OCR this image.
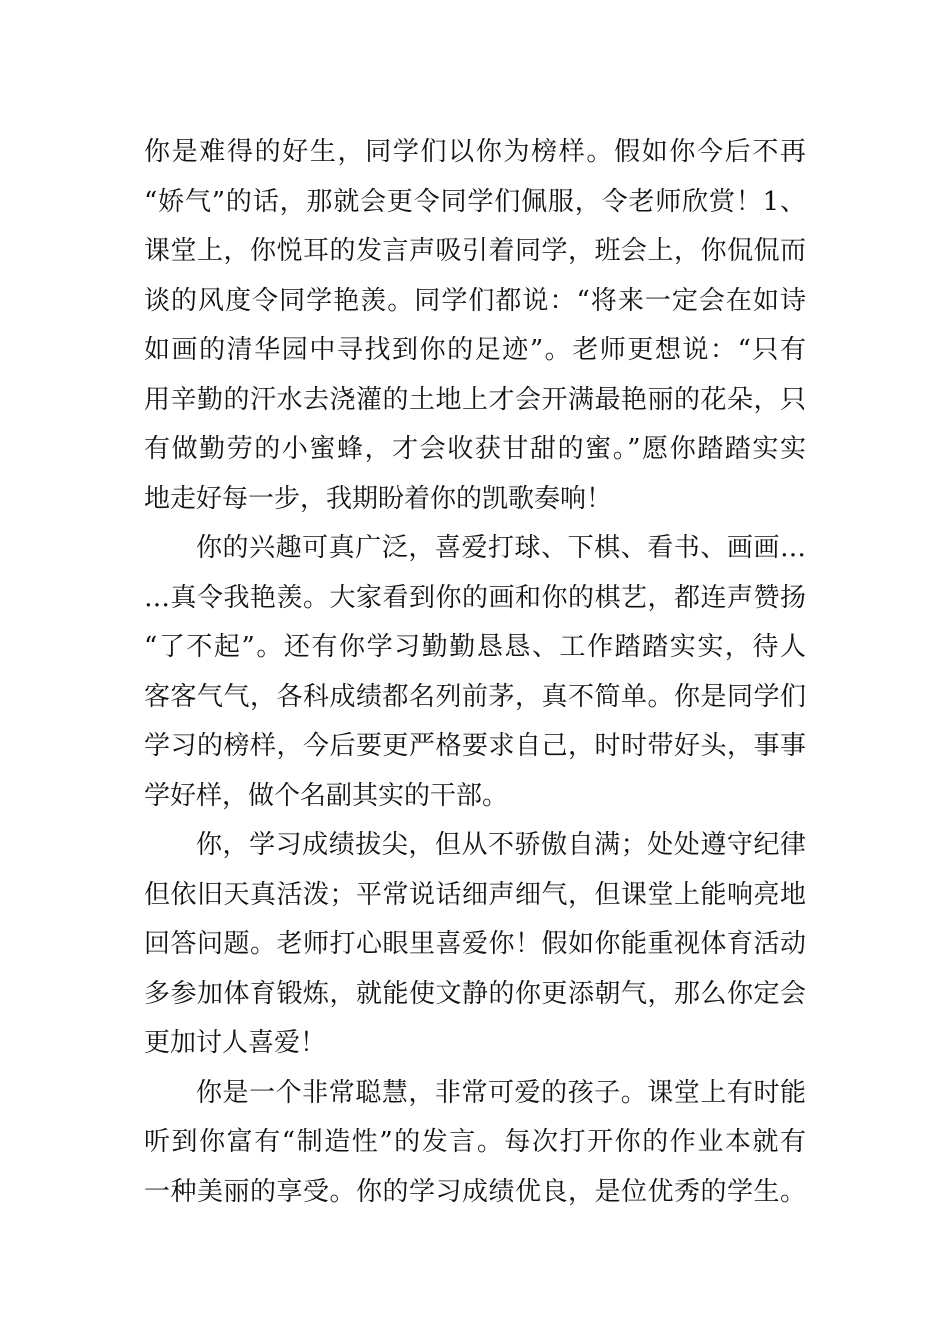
你是难得的好生，同学们以你为榜样。假如你今后不再
“娇气”的话，那就会更令同学们佩服，令老师欣赏！1、
课堂上，你悦耳的发言声吸引着同学，班会上，你侃侃而
谈的风度令同学艳羡。同学们都说：“将来一定会在如诗
如画的清华园中寻找到你的足迹”。老师更想说：“只有
用辛勤的汗水去浇灌的土地上才会开满最艳丽的花朵，只
有做勤劳的小蜜蜂，才会收获甘甜的蜜。”愿你踏踏实实
地走好每一步，我期盼着你的凯歌奏响！
你的兴趣可真广泛，喜爱打球、下棋、看书、画画…
…真令我艳羡。大家看到你的画和你的棋艺，都连声赞扬
“了不起”。还有你学习勤勤恳恳、工作踏踏实实，待人
客客气气，各科成绩都名列前茅，真不简单。你是同学们
学习的榜样，今后要更严格要求自己，时时带好头，事事
学好样，做个名副其实的干部。
你，学习成绩拔尖，但从不骄傲自满；处处遵守纪律
但依旧天真活泼；平常说话细声细气，但课堂上能响亮地
回答问题。老师打心眼里喜爱你！假如你能重视体育活动
多参加体育锻炼，就能使文静的你更添朝气，那么你定会
更加讨人喜爱！
你是一个非常聪慧，非常可爱的孩子。课堂上有时能
听到你富有“制造性”的发言。每次打开你的作业本就有
一种美丽的享受。你的学习成绩优良，是位优秀的学生。
